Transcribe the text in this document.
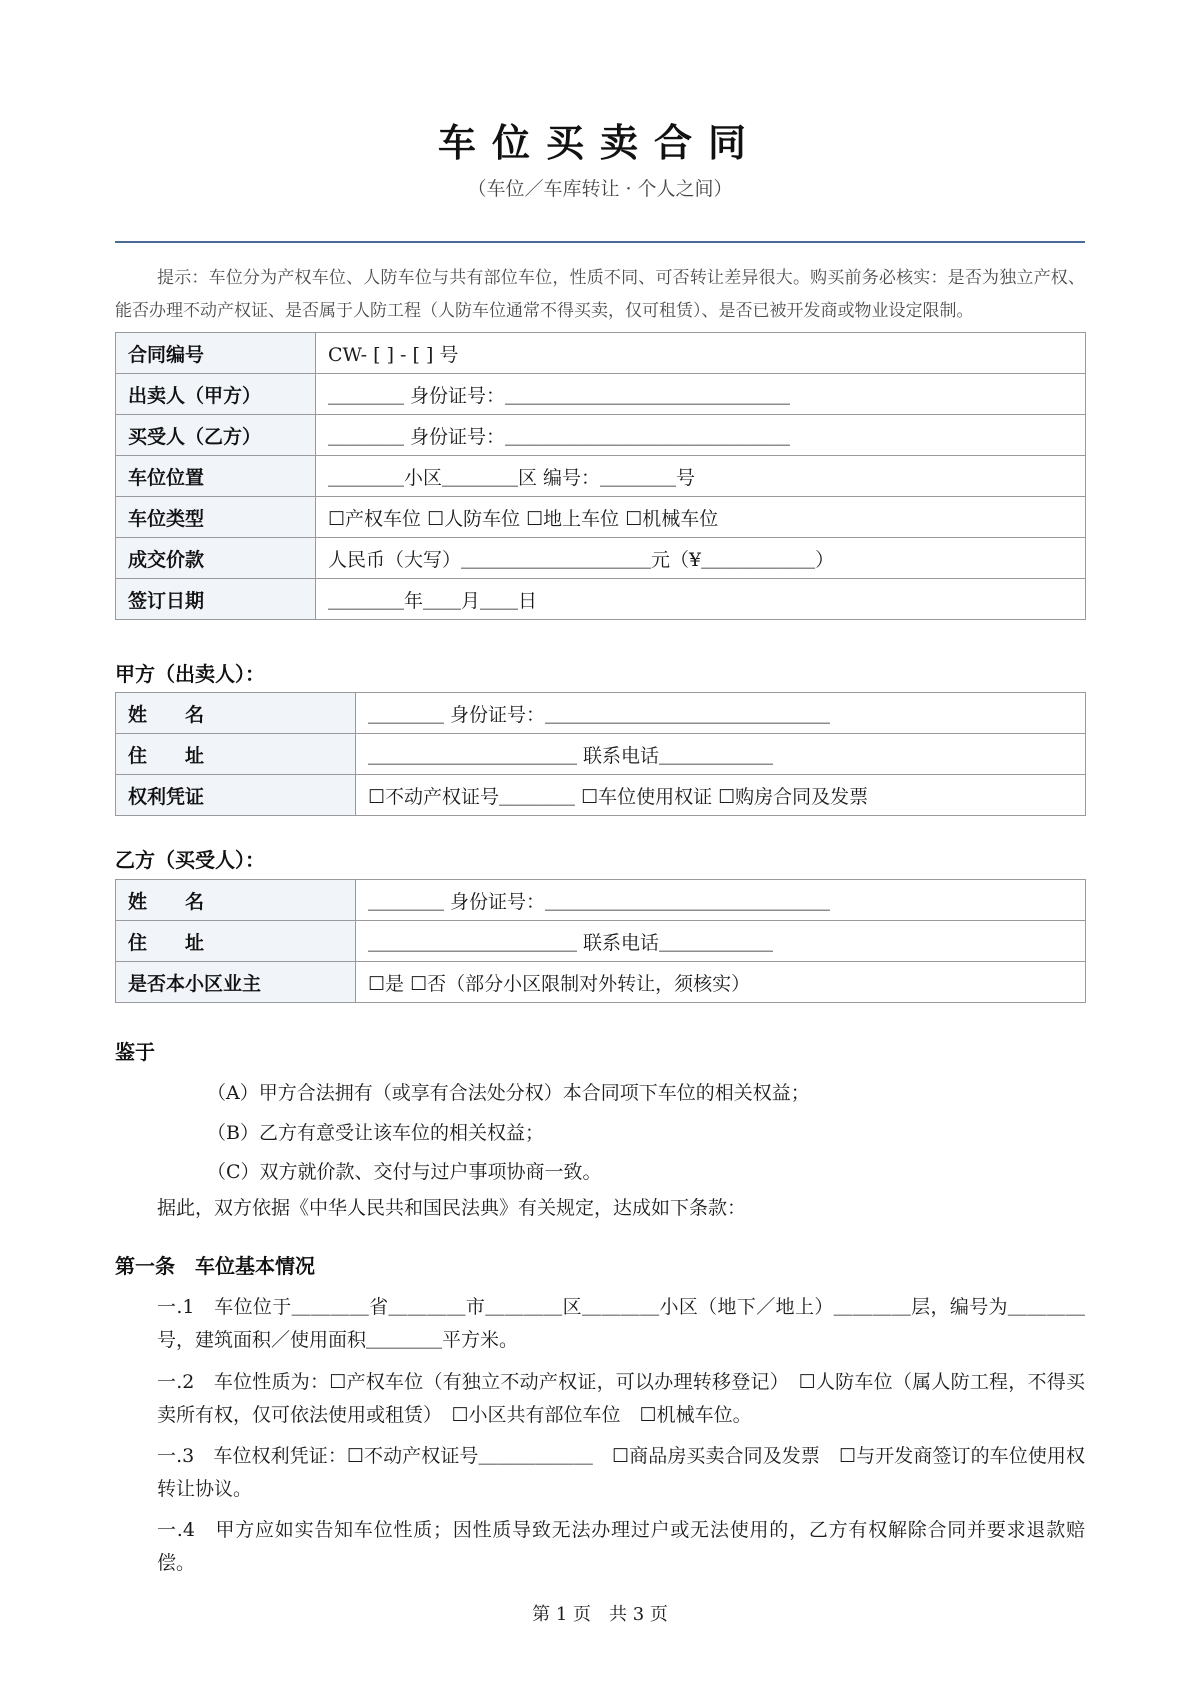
车位买卖合同
（车位／车库转让 · 个人之间）
提示：车位分为产权车位、人防车位与共有部位车位，性质不同、可否转让差异很大。购买前务必核实：是否为独立产权、能否办理不动产权证、是否属于人防工程（人防车位通常不得买卖，仅可租赁）、是否已被开发商或物业设定限制。
合同编号	CW- [ ] - [ ] 号
出卖人（甲方）	＿＿＿＿ 身份证号：＿＿＿＿＿＿＿＿＿＿＿＿＿＿＿
买受人（乙方）	＿＿＿＿ 身份证号：＿＿＿＿＿＿＿＿＿＿＿＿＿＿＿
车位位置	＿＿＿＿小区＿＿＿＿区 编号：＿＿＿＿号
车位类型	☐产权车位 ☐人防车位 ☐地上车位 ☐机械车位
成交价款	人民币（大写）＿＿＿＿＿＿＿＿＿＿元（¥＿＿＿＿＿＿）
签订日期	＿＿＿＿年＿＿月＿＿日
甲方（出卖人）：
姓　　名	＿＿＿＿ 身份证号：＿＿＿＿＿＿＿＿＿＿＿＿＿＿＿
住　　址	＿＿＿＿＿＿＿＿＿＿＿ 联系电话＿＿＿＿＿＿
权利凭证	☐不动产权证号＿＿＿＿ ☐车位使用权证 ☐购房合同及发票
乙方（买受人）：
姓　　名	＿＿＿＿ 身份证号：＿＿＿＿＿＿＿＿＿＿＿＿＿＿＿
住　　址	＿＿＿＿＿＿＿＿＿＿＿ 联系电话＿＿＿＿＿＿
是否本小区业主	☐是 ☐否（部分小区限制对外转让，须核实）
鉴于
（A）甲方合法拥有（或享有合法处分权）本合同项下车位的相关权益；
（B）乙方有意受让该车位的相关权益；
（C）双方就价款、交付与过户事项协商一致。
据此，双方依据《中华人民共和国民法典》有关规定，达成如下条款：
第一条　车位基本情况
一.1　车位位于＿＿＿＿省＿＿＿＿市＿＿＿＿区＿＿＿＿小区（地下／地上）＿＿＿＿层，编号为＿＿＿＿号，建筑面积／使用面积＿＿＿＿平方米。
一.2　车位性质为：☐产权车位（有独立不动产权证，可以办理转移登记）　☐人防车位（属人防工程，不得买卖所有权，仅可依法使用或租赁）　☐小区共有部位车位　☐机械车位。
一.3　车位权利凭证：☐不动产权证号＿＿＿＿＿＿　☐商品房买卖合同及发票　☐与开发商签订的车位使用权转让协议。
一.4　甲方应如实告知车位性质；因性质导致无法办理过户或无法使用的，乙方有权解除合同并要求退款赔偿。
第 1 页　共 3 页
